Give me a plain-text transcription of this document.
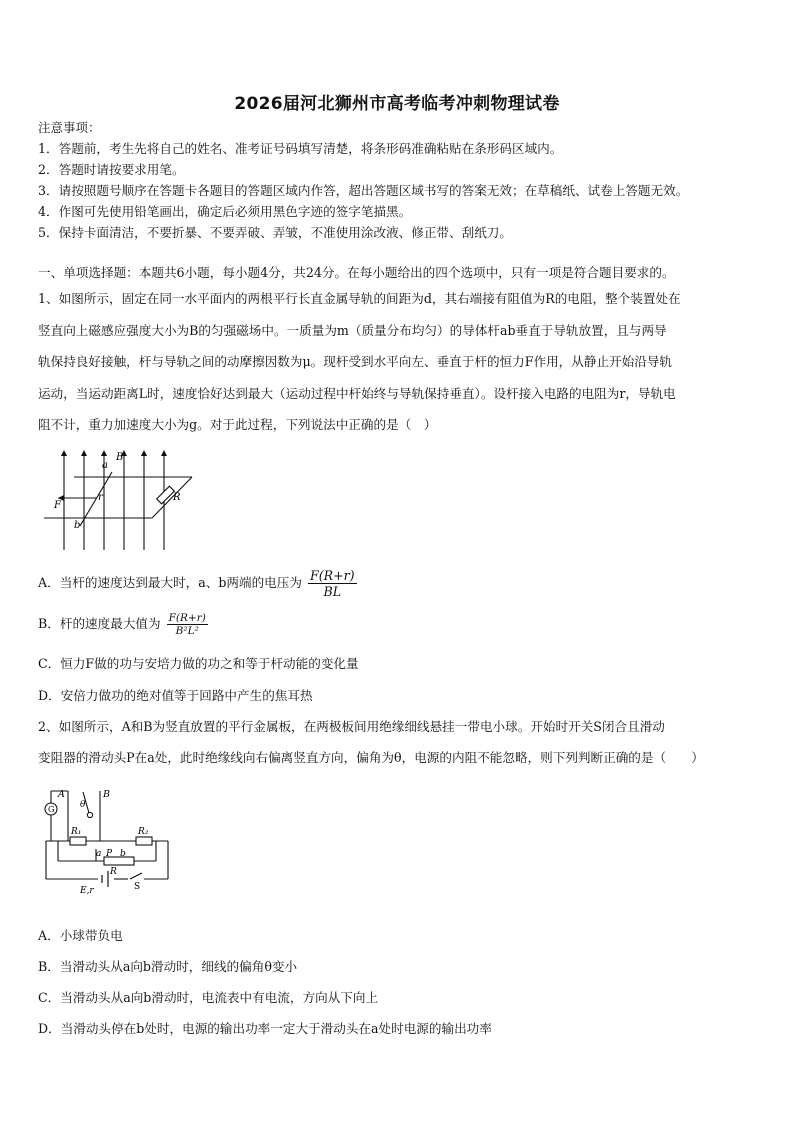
2026届河北狮州市高考临考冲刺物理试卷
注意事项：
1．答题前，考生先将自己的姓名、准考证号码填写清楚，将条形码准确粘贴在条形码区域内。
2．答题时请按要求用笔。
3．请按照题号顺序在答题卡各题目的答题区域内作答，超出答题区域书写的答案无效；在草稿纸、试卷上答题无效。
4．作图可先使用铅笔画出，确定后必须用黑色字迹的签字笔描黑。
5．保持卡面清洁，不要折暴、不要弄破、弄皱，不准使用涂改液、修正带、刮纸刀。
一、单项选择题：本题共6小题，每小题4分，共24分。在每小题给出的四个选项中，只有一项是符合题目要求的。
1、如图所示，固定在同一水平面内的两根平行长直金属导轨的间距为d，其右端接有阻值为R的电阻，整个装置处在
竖直向上磁感应强度大小为B的匀强磁场中。一质量为m（质量分布均匀）的导体杆ab垂直于导轨放置，且与两导
轨保持良好接触，杆与导轨之间的动摩擦因数为μ。现杆受到水平向左、垂直于杆的恒力F作用，从静止开始沿导轨
运动，当运动距离L时，速度恰好达到最大（运动过程中杆始终与导轨保持垂直）。设杆接入电路的电阻为r，导轨电
阻不计，重力加速度大小为g。对于此过程，下列说法中正确的是（　）
a
B
F
r	R
b
A．当杆的速度达到最大时，a、b两端的电压为 $\frac{F(R+r)}{BL}$
B．杆的速度最大值为 $\frac{F(R+r)}{\text{B²L²}}$
C．恒力F做的功与安培力做的功之和等于杆动能的变化量
D．安倍力做功的绝对值等于回路中产生的焦耳热
2、如图所示，A和B为竖直放置的平行金属板，在两极板间用绝缘细线悬挂一带电小球。开始时开关S闭合且滑动
变阻器的滑动头P在a处，此时绝缘线向右偏离竖直方向，偏角为θ，电源的内阻不能忽略，则下列判断正确的是（　　）
A	B
G	θ
R₁	R₂
a P b
R
E,r	S
A．小球带负电
B．当滑动头从a向b滑动时，细线的偏角θ变小
C．当滑动头从a向b滑动时，电流表中有电流，方向从下向上
D．当滑动头停在b处时，电源的输出功率一定大于滑动头在a处时电源的输出功率
